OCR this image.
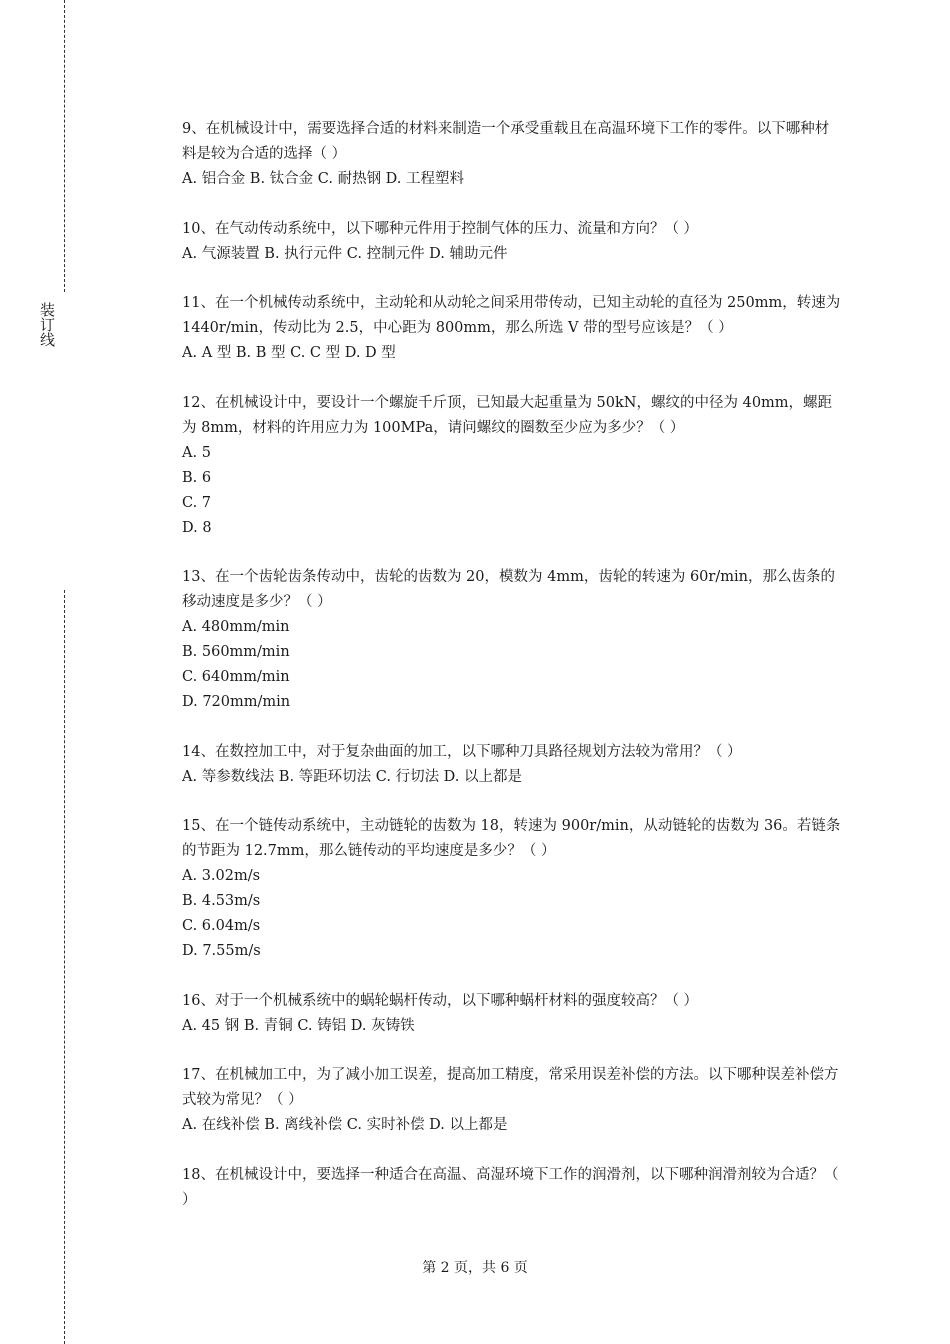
装订线

9、在机械设计中，需要选择合适的材料来制造一个承受重载且在高温环境下工作的零件。以下哪种材料是较为合适的选择（ ）

A. 铝合金 B. 钛合金 C. 耐热钢 D. 工程塑料

10、在气动传动系统中，以下哪种元件用于控制气体的压力、流量和方向？（ ）

A. 气源装置 B. 执行元件 C. 控制元件 D. 辅助元件

11、在一个机械传动系统中，主动轮和从动轮之间采用带传动，已知主动轮的直径为 250mm，转速为 1440r/min，传动比为 2.5，中心距为 800mm，那么所选 V 带的型号应该是？（ ）

A. A 型 B. B 型 C. C 型 D. D 型

12、在机械设计中，要设计一个螺旋千斤顶，已知最大起重量为 50kN，螺纹的中径为 40mm，螺距为 8mm，材料的许用应力为 100MPa，请问螺纹的圈数至少应为多少？（ ）

A. 5

B. 6

C. 7

D. 8

13、在一个齿轮齿条传动中，齿轮的齿数为 20，模数为 4mm，齿轮的转速为 60r/min，那么齿条的移动速度是多少？（ ）

A. 480mm/min

B. 560mm/min

C. 640mm/min

D. 720mm/min

14、在数控加工中，对于复杂曲面的加工，以下哪种刀具路径规划方法较为常用？（ ）

A. 等参数线法 B. 等距环切法 C. 行切法 D. 以上都是

15、在一个链传动系统中，主动链轮的齿数为 18，转速为 900r/min，从动链轮的齿数为 36。若链条的节距为 12.7mm，那么链传动的平均速度是多少？（ ）

A. 3.02m/s

B. 4.53m/s

C. 6.04m/s

D. 7.55m/s

16、对于一个机械系统中的蜗轮蜗杆传动，以下哪种蜗杆材料的强度较高？（ ）

A. 45 钢 B. 青铜 C. 铸铝 D. 灰铸铁

17、在机械加工中，为了减小加工误差，提高加工精度，常采用误差补偿的方法。以下哪种误差补偿方式较为常见？（ ）

A. 在线补偿 B. 离线补偿 C. 实时补偿 D. 以上都是

18、在机械设计中，要选择一种适合在高温、高湿环境下工作的润滑剂，以下哪种润滑剂较为合适？（ ）

第 2 页，共 6 页
